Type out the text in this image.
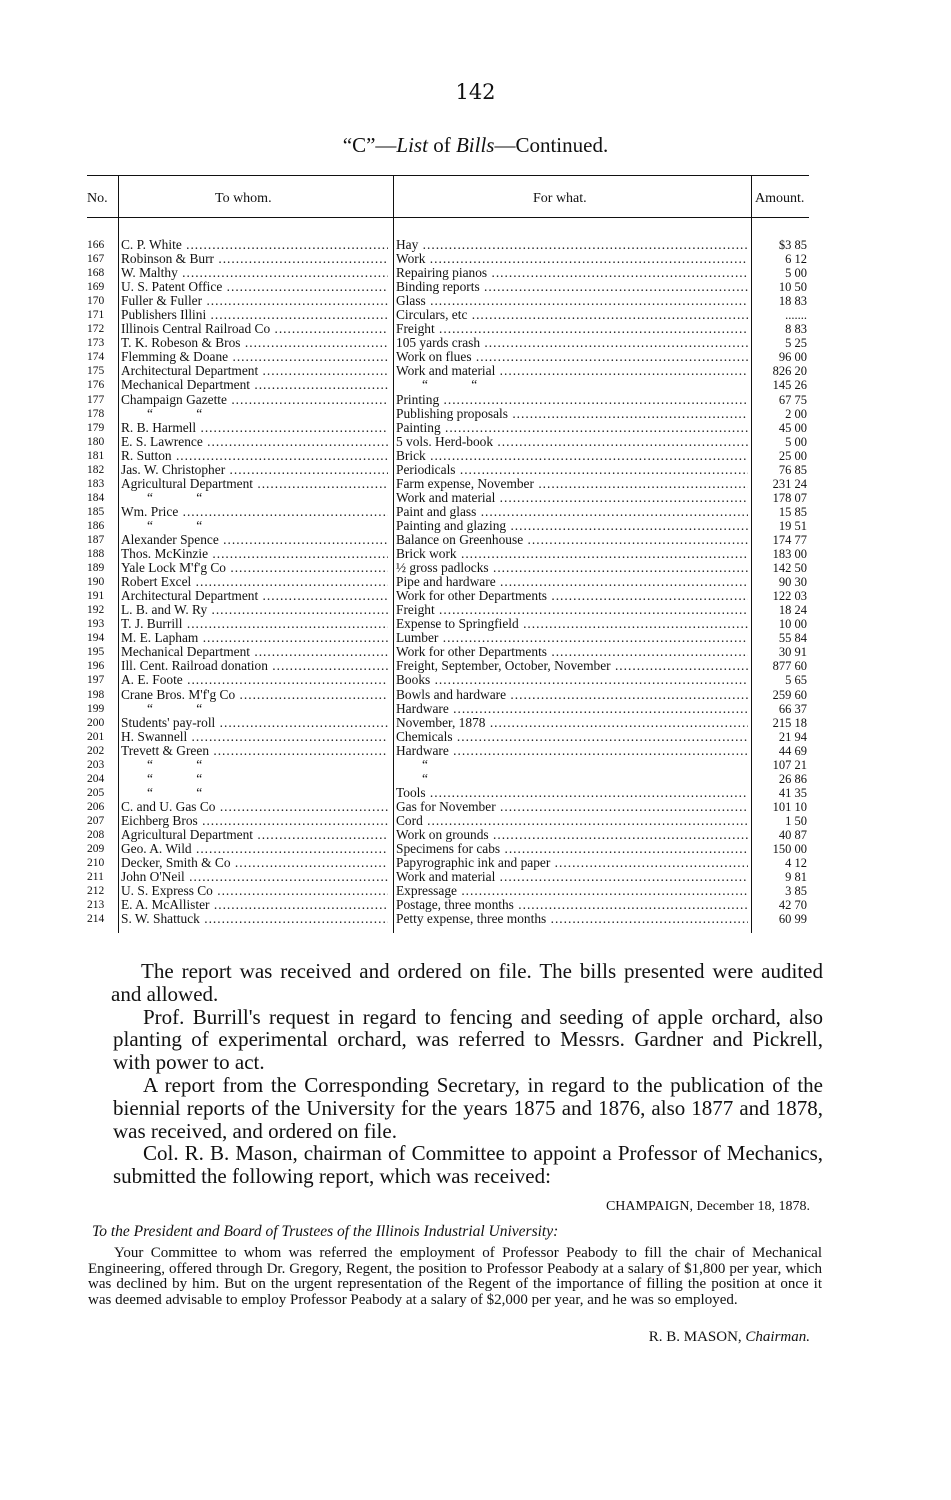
142
“C”—List of Bills—Continued.
No.	To whom.	For what.	Amount.
166	C. P. White .....	Hay .....	$3 85
167	Robinson & Burr .....	Work .....	6 12
168	W. Malthy .....	Repairing pianos .....	5 00
169	U. S. Patent Office .....	Binding reports .....	10 50
170	Fuller & Fuller .....	Glass .....	18 83
171	Publishers Illini .....	Circulars, etc .....	.......
172	Illinois Central Railroad Co .....	Freight .....	8 83
173	T. K. Robeson & Bros .....	105 yards crash .....	5 25
174	Flemming & Doane .....	Work on flues .....	96 00
175	Architectural Department .....	Work and material .....	826 20
176	Mechanical Department .....	“ “	145 26
177	Champaign Gazette .....	Printing .....	67 75
178	“ “	Publishing proposals .....	2 00
179	R. B. Harmell .....	Painting .....	45 00
180	E. S. Lawrence .....	5 vols. Herd-book .....	5 00
181	R. Sutton .....	Brick .....	25 00
182	Jas. W. Christopher .....	Periodicals .....	76 85
183	Agricultural Department .....	Farm expense, November .....	231 24
184	“ “	Work and material .....	178 07
185	Wm. Price .....	Paint and glass .....	15 85
186	“ “	Painting and glazing .....	19 51
187	Alexander Spence .....	Balance on Greenhouse .....	174 77
188	Thos. McKinzie .....	Brick work .....	183 00
189	Yale Lock M'f'g Co .....	½ gross padlocks .....	142 50
190	Robert Excel .....	Pipe and hardware .....	90 30
191	Architectural Department .....	Work for other Departments .....	122 03
192	L. B. and W. Ry .....	Freight .....	18 24
193	T. J. Burrill .....	Expense to Springfield .....	10 00
194	M. E. Lapham .....	Lumber .....	55 84
195	Mechanical Department .....	Work for other Departments .....	30 91
196	Ill. Cent. Railroad donation .....	Freight, September, October, November .....	877 60
197	A. E. Foote .....	Books .....	5 65
198	Crane Bros. M'f'g Co .....	Bowls and hardware .....	259 60
199	“ “	Hardware .....	66 37
200	Students' pay-roll .....	November, 1878 .....	215 18
201	H. Swannell .....	Chemicals .....	21 94
202	Trevett & Green .....	Hardware .....	44 69
203	“ “	“	107 21
204	“ “	“	26 86
205	“ “	Tools .....	41 35
206	C. and U. Gas Co .....	Gas for November .....	101 10
207	Eichberg Bros .....	Cord .....	1 50
208	Agricultural Department .....	Work on grounds .....	40 87
209	Geo. A. Wild .....	Specimens for cabs .....	150 00
210	Decker, Smith & Co .....	Papyrographic ink and paper .....	4 12
211	John O'Neil .....	Work and material .....	9 81
212	U. S. Express Co .....	Expressage .....	3 85
213	E. A. McAllister .....	Postage, three months .....	42 70
214	S. W. Shattuck .....	Petty expense, three months .....	60 99

The report was received and ordered on file. The bills presented were audited and allowed.

Prof. Burrill's request in regard to fencing and seeding of apple orchard, also planting of experimental orchard, was referred to Messrs. Gardner and Pickrell, with power to act.

A report from the Corresponding Secretary, in regard to the publication of the biennial reports of the University for the years 1875 and 1876, also 1877 and 1878, was received, and ordered on file.

Col. R. B. Mason, chairman of Committee to appoint a Professor of Mechanics, submitted the following report, which was received:

CHAMPAIGN, December 18, 1878.
To the President and Board of Trustees of the Illinois Industrial University:
Your Committee to whom was referred the employment of Professor Peabody to fill the chair of Mechanical Engineering, offered through Dr. Gregory, Regent, the position to Professor Peabody at a salary of $1,800 per year, which was declined by him. But on the urgent representation of the Regent of the importance of filling the position at once it was deemed advisable to employ Professor Peabody at a salary of $2,000 per year, and he was so employed.
R. B. MASON, Chairman.
